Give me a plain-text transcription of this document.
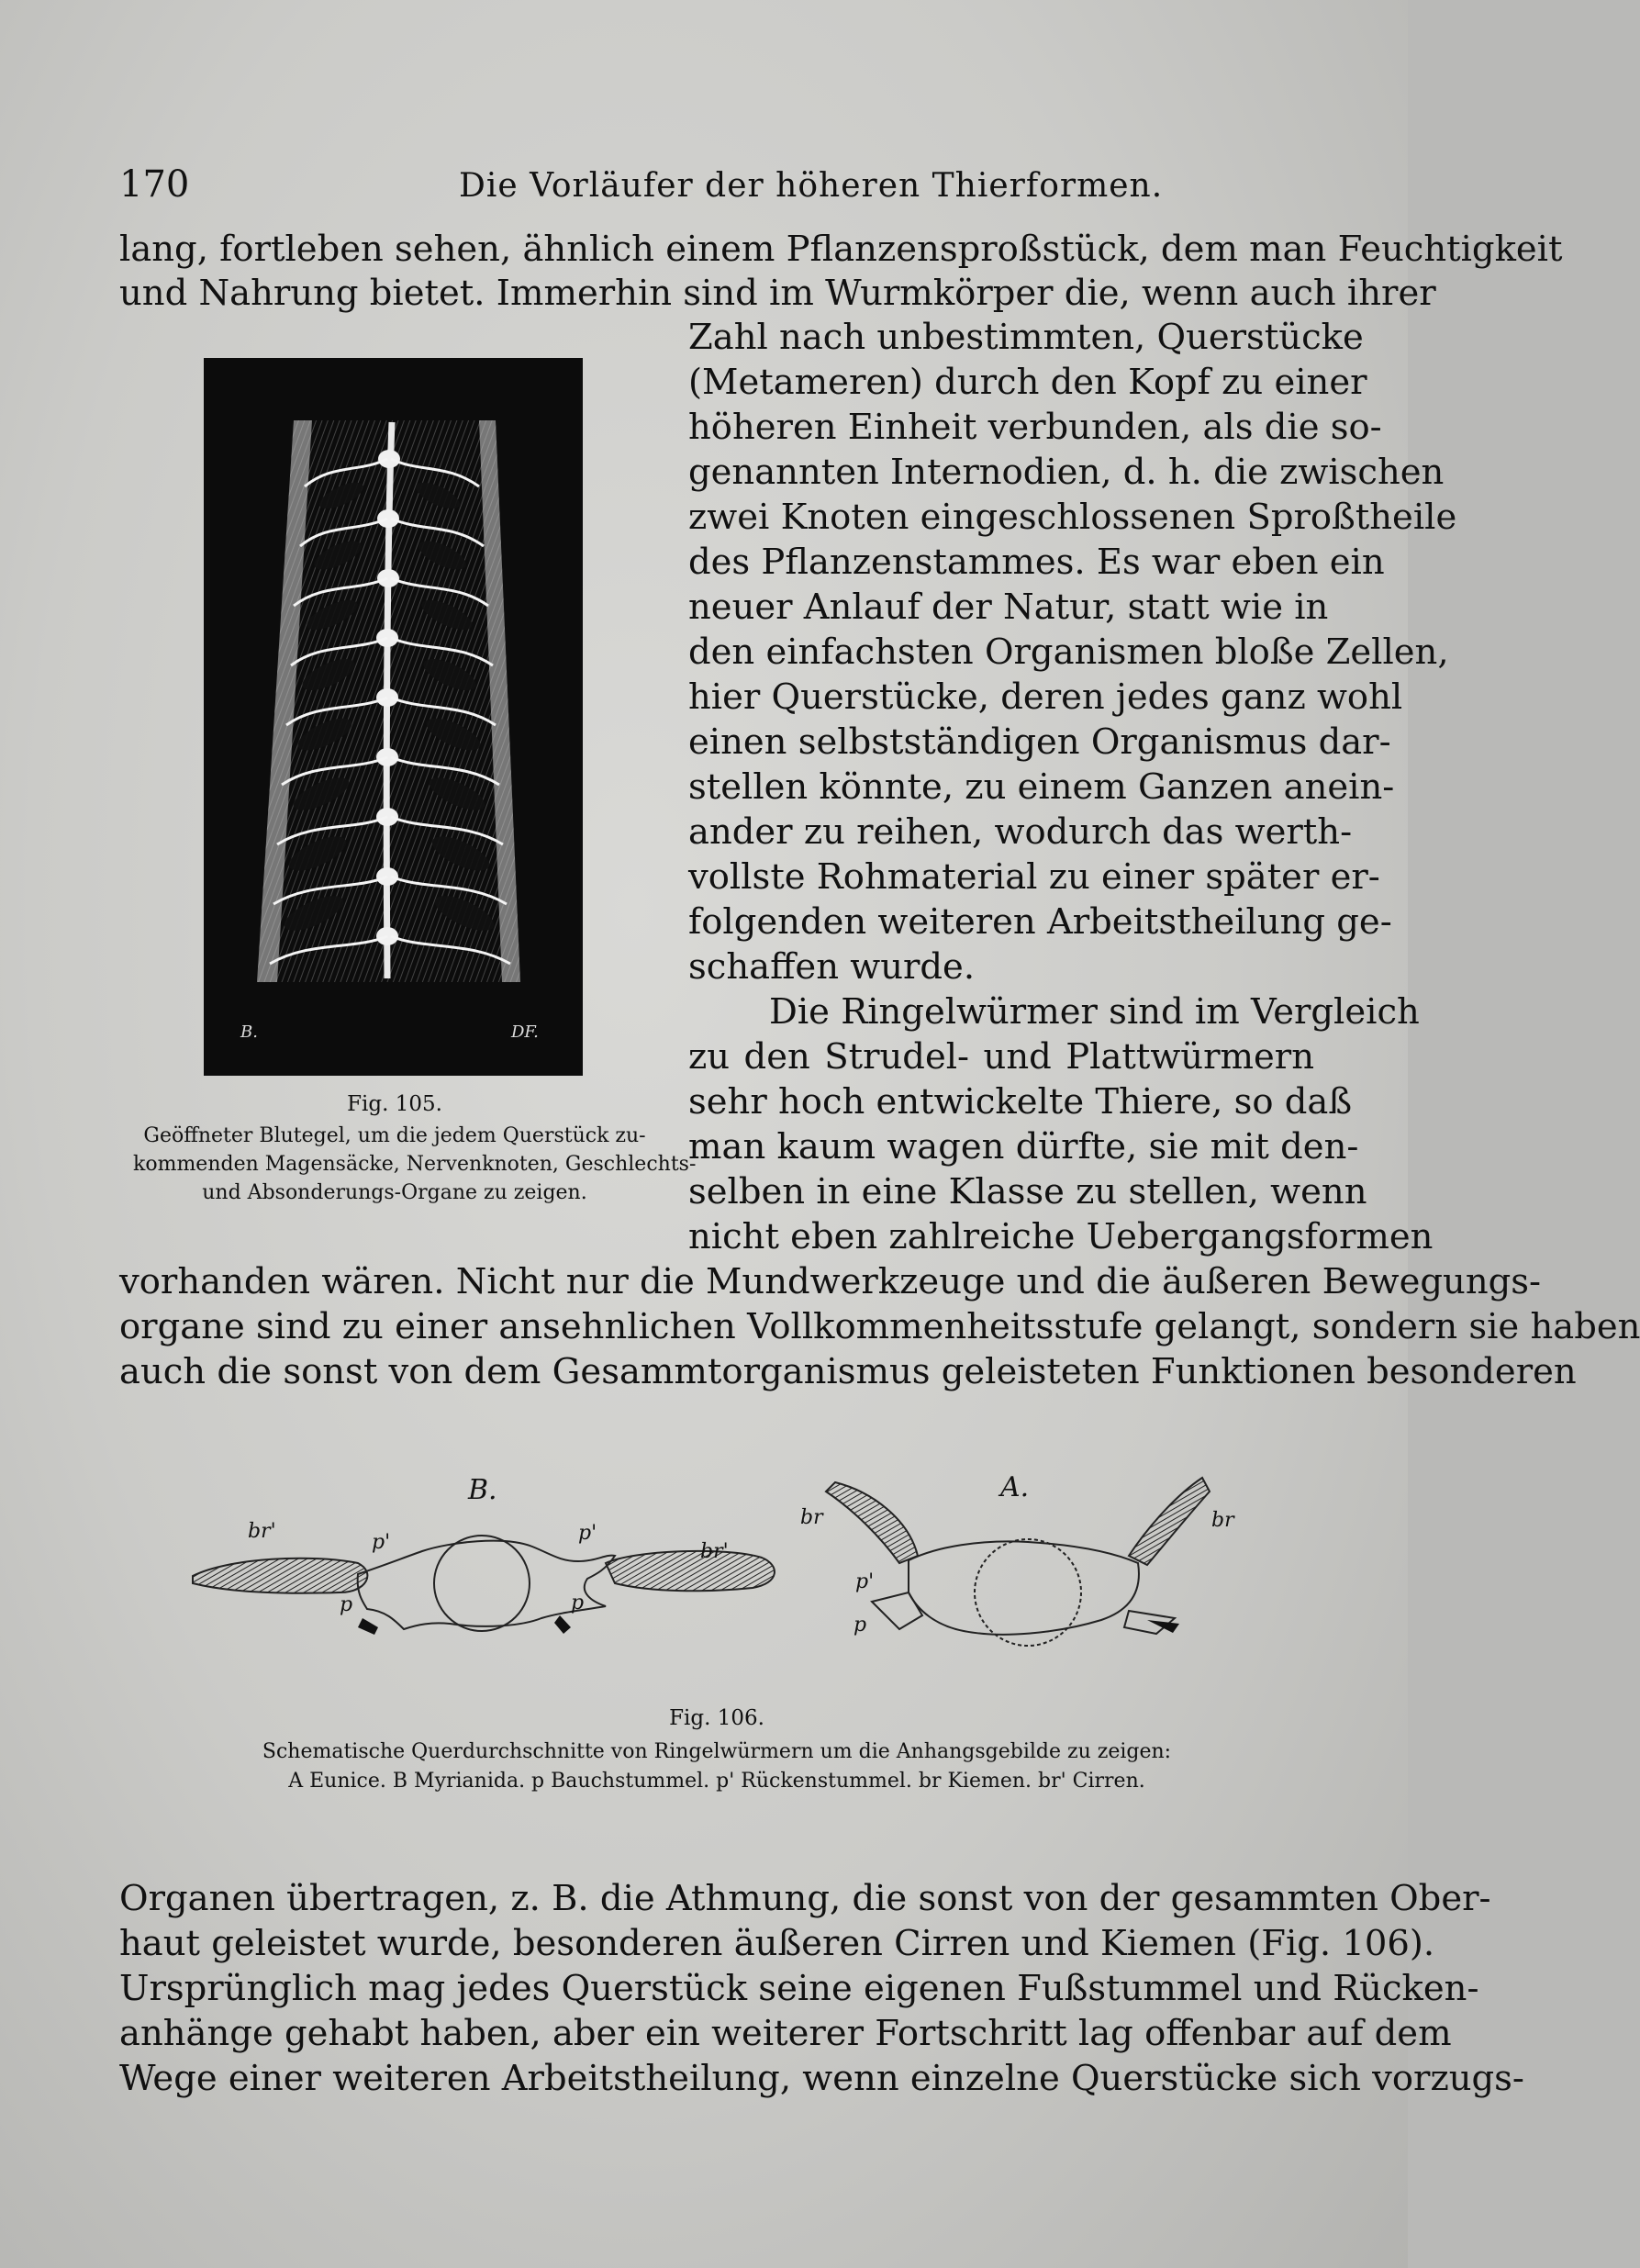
170	Die Vorläufer der höheren Thierformen.
lang, fortleben sehen, ähnlich einem Pflanzensproßstück, dem man Feuchtigkeit
und Nahrung bietet. Immerhin sind im Wurmkörper die, wenn auch ihrer
B.	DF.
Zahl nach unbestimmten, Querstücke
(Metameren) durch den Kopf zu einer
höheren Einheit verbunden, als die so-
genannten Internodien, d. h. die zwischen
zwei Knoten eingeschlossenen Sproßtheile
des Pflanzenstammes. Es war eben ein
neuer Anlauf der Natur, statt wie in
den einfachsten Organismen bloße Zellen,
hier Querstücke, deren jedes ganz wohl
einen selbstständigen Organismus dar-
stellen könnte, zu einem Ganzen anein-
ander zu reihen, wodurch das werth-
vollste Rohmaterial zu einer später er-
folgenden weiteren Arbeitstheilung ge-
schaffen wurde.
Die Ringelwürmer sind im Vergleich
zu den Strudel- und Plattwürmern
sehr hoch entwickelte Thiere, so daß
man kaum wagen dürfte, sie mit den-
selben in eine Klasse zu stellen, wenn
nicht eben zahlreiche Uebergangsformen
Fig. 105.
Geöffneter Blutegel, um die jedem Querstück zu-
kommenden Magensäcke, Nervenknoten, Geschlechts-
und Absonderungs-Organe zu zeigen.
vorhanden wären. Nicht nur die Mundwerkzeuge und die äußeren Bewegungs-
organe sind zu einer ansehnlichen Vollkommenheitsstufe gelangt, sondern sie haben
auch die sonst von dem Gesammtorganismus geleisteten Funktionen besonderen
B.
br'	p'
p
p'
br'
p
A.
br	br
p'
p
Fig. 106.
Schematische Querdurchschnitte von Ringelwürmern um die Anhangsgebilde zu zeigen:
A Eunice. B Myrianida. p Bauchstummel. p' Rückenstummel. br Kiemen. br' Cirren.
Organen übertragen, z. B. die Athmung, die sonst von der gesammten Ober-
haut geleistet wurde, besonderen äußeren Cirren und Kiemen (Fig. 106).
Ursprünglich mag jedes Querstück seine eigenen Fußstummel und Rücken-
anhänge gehabt haben, aber ein weiterer Fortschritt lag offenbar auf dem
Wege einer weiteren Arbeitstheilung, wenn einzelne Querstücke sich vorzugs-
